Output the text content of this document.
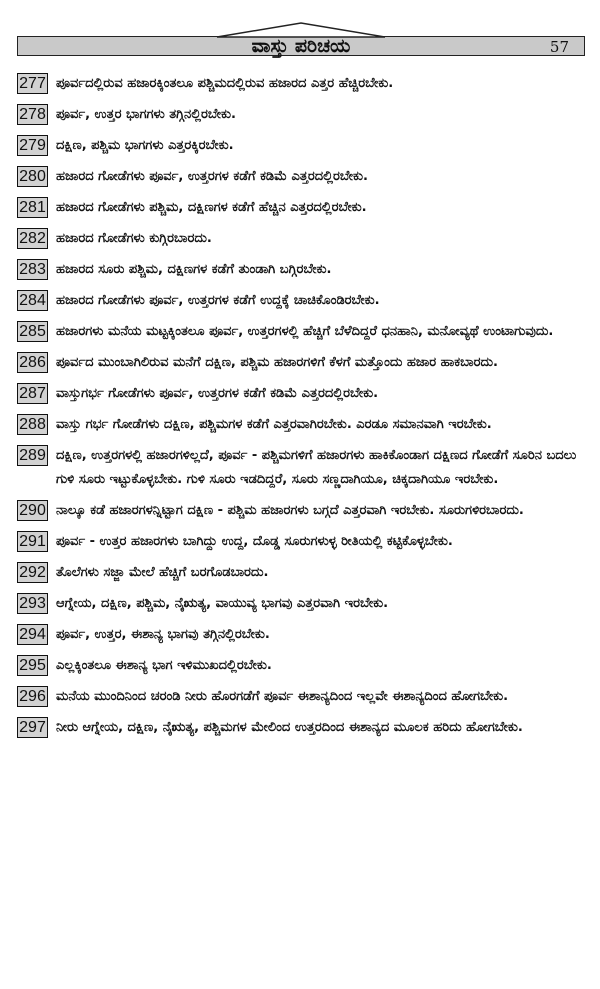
ವಾಸ್ತು ಪರಿಚಯ	57
277 ಪೂರ್ವದಲ್ಲಿರುವ ಹಜಾರಕ್ಕಿಂತಲೂ ಪಶ್ಚಿಮದಲ್ಲಿರುವ ಹಜಾರದ ಎತ್ತರ ಹೆಚ್ಚಿರಬೇಕು.
278 ಪೂರ್ವ, ಉತ್ತರ ಭಾಗಗಳು ತಗ್ಗಿನಲ್ಲಿರಬೇಕು.
279 ದಕ್ಷಿಣ, ಪಶ್ಚಿಮ ಭಾಗಗಳು ಎತ್ತರಕ್ಕಿರಬೇಕು.
280 ಹಜಾರದ ಗೋಡೆಗಳು ಪೂರ್ವ, ಉತ್ತರಗಳ ಕಡೆಗೆ ಕಡಿಮೆ ಎತ್ತರದಲ್ಲಿರಬೇಕು.
281 ಹಜಾರದ ಗೋಡೆಗಳು ಪಶ್ಚಿಮ, ದಕ್ಷಿಣಗಳ ಕಡೆಗೆ ಹೆಚ್ಚಿನ ಎತ್ತರದಲ್ಲಿರಬೇಕು.
282 ಹಜಾರದ ಗೋಡೆಗಳು ಕುಗ್ಗಿರಬಾರದು.
283 ಹಜಾರದ ಸೂರು ಪಶ್ಚಿಮ, ದಕ್ಷಿಣಗಳ ಕಡೆಗೆ ತುಂಡಾಗಿ ಬಗ್ಗಿರಬೇಕು.
284 ಹಜಾರದ ಗೋಡೆಗಳು ಪೂರ್ವ, ಉತ್ತರಗಳ ಕಡೆಗೆ ಉದ್ದಕ್ಕೆ ಚಾಚಿಕೊಂಡಿರಬೇಕು.
285 ಹಜಾರಗಳು ಮನೆಯ ಮಟ್ಟಕ್ಕಿಂತಲೂ ಪೂರ್ವ, ಉತ್ತರಗಳಲ್ಲಿ ಹೆಚ್ಚಿಗೆ ಬೆಳೆದಿದ್ದರೆ ಧನಹಾನಿ, ಮನೋವ್ಯಥೆ ಉಂಟಾಗುವುದು.
286 ಪೂರ್ವದ ಮುಂಬಾಗಿಲಿರುವ ಮನೆಗೆ ದಕ್ಷಿಣ, ಪಶ್ಚಿಮ ಹಜಾರಗಳಿಗೆ ಕೆಳಗೆ ಮತ್ತೊಂದು ಹಜಾರ ಹಾಕಬಾರದು.
287 ವಾಸ್ತುಗರ್ಭ ಗೋಡೆಗಳು ಪೂರ್ವ, ಉತ್ತರಗಳ ಕಡೆಗೆ ಕಡಿಮೆ ಎತ್ತರದಲ್ಲಿರಬೇಕು.
288 ವಾಸ್ತು ಗರ್ಭ ಗೋಡೆಗಳು ದಕ್ಷಿಣ, ಪಶ್ಚಿಮಗಳ ಕಡೆಗೆ ಎತ್ತರವಾಗಿರಬೇಕು. ಎರಡೂ ಸಮಾನವಾಗಿ ಇರಬೇಕು.
289 ದಕ್ಷಿಣ, ಉತ್ತರಗಳಲ್ಲಿ ಹಜಾರಗಳಿಲ್ಲದೆ, ಪೂರ್ವ - ಪಶ್ಚಿಮಗಳಿಗೆ ಹಜಾರಗಳು ಹಾಕಿಕೊಂಡಾಗ ದಕ್ಷಿಣದ ಗೋಡೆಗೆ ಸೂರಿನ ಬದಲು ಗುಳಿ ಸೂರು ಇಟ್ಟುಕೊಳ್ಳಬೇಕು. ಗುಳಿ ಸೂರು ಇಡದಿದ್ದರೆ, ಸೂರು ಸಣ್ಣದಾಗಿಯೂ, ಚಿಕ್ಕದಾಗಿಯೂ ಇರಬೇಕು.
290 ನಾಲ್ಕೂ ಕಡೆ ಹಜಾರಗಳನ್ನಿಟ್ಟಾಗ ದಕ್ಷಿಣ - ಪಶ್ಚಿಮ ಹಜಾರಗಳು ಬಗ್ಗದೆ ಎತ್ತರವಾಗಿ ಇರಬೇಕು. ಸೂರುಗಳಿರಬಾರದು.
291 ಪೂರ್ವ - ಉತ್ತರ ಹಜಾರಗಳು ಬಾಗಿದ್ದು ಉದ್ದ, ದೊಡ್ಡ ಸೂರುಗಳುಳ್ಳ ರೀತಿಯಲ್ಲಿ ಕಟ್ಟಿಕೊಳ್ಳಬೇಕು.
292 ತೊಲೆಗಳು ಸಜ್ಜಾ ಮೇಲೆ ಹೆಚ್ಚಿಗೆ ಬರಗೊಡಬಾರದು.
293 ಆಗ್ನೇಯ, ದಕ್ಷಿಣ, ಪಶ್ಚಿಮ, ನೈಋತ್ಯ, ವಾಯುವ್ಯ ಭಾಗವು ಎತ್ತರವಾಗಿ ಇರಬೇಕು.
294 ಪೂರ್ವ, ಉತ್ತರ, ಈಶಾನ್ಯ ಭಾಗವು ತಗ್ಗಿನಲ್ಲಿರಬೇಕು.
295 ಎಲ್ಲಕ್ಕಿಂತಲೂ ಈಶಾನ್ಯ ಭಾಗ ಇಳಿಮುಖದಲ್ಲಿರಬೇಕು.
296 ಮನೆಯ ಮುಂದಿನಿಂದ ಚರಂಡಿ ನೀರು ಹೊರಗಡೆಗೆ ಪೂರ್ವ ಈಶಾನ್ಯದಿಂದ ಇಲ್ಲವೇ ಈಶಾನ್ಯದಿಂದ ಹೋಗಬೇಕು.
297 ನೀರು ಆಗ್ನೇಯ, ದಕ್ಷಿಣ, ನೈಋತ್ಯ, ಪಶ್ಚಿಮಗಳ ಮೇಲಿಂದ ಉತ್ತರದಿಂದ ಈಶಾನ್ಯದ ಮೂಲಕ ಹರಿದು ಹೋಗಬೇಕು.
